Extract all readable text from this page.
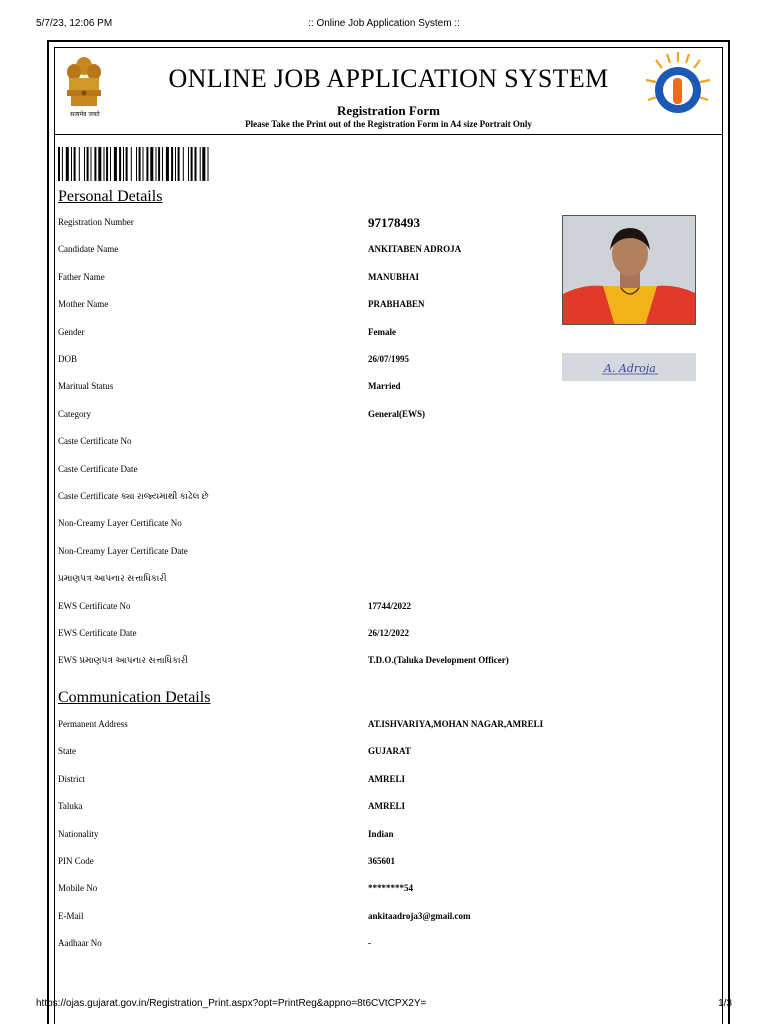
5/7/23, 12:06 PM	:: Online Job Application System ::
सत्यमेव जयते
ONLINE JOB APPLICATION SYSTEM
Registration Form
Please Take the Print out of the Registration Form in A4 size Portrait Only
Personal Details
Registration Number	97178493
Candidate Name	ANKITABEN ADROJA
Father Name	MANUBHAI
Mother Name	PRABHABEN
Gender	Female
DOB	26/07/1995
Maritual Status	Married
Category	General(EWS)
Caste Certificate No
Caste Certificate Date
Caste Certificate ક્યા રાજ્યમાથી કાઢેલ છે
Non-Creamy Layer Certificate No
Non-Creamy Layer Certificate Date
પ્રમાણપત્ર આપનાર સત્તાધિકારી
EWS Certificate No	17744/2022
EWS Certificate Date	26/12/2022
EWS પ્રમાણપત્ર આપનાર સત્તાધિકારી	T.D.O.(Taluka Development Officer)
A. Adroja
Communication Details
Permanent Address	AT.ISHVARIYA,MOHAN NAGAR,AMRELI
State	GUJARAT
District	AMRELI
Taluka	AMRELI
Nationality	Indian
PIN Code	365601
Mobile No	********54
E-Mail	ankitaadroja3@gmail.com
Aadhaar No	-
https://ojas.gujarat.gov.in/Registration_Print.aspx?opt=PrintReg&appno=8t6CVtCPX2Y=	1/3
